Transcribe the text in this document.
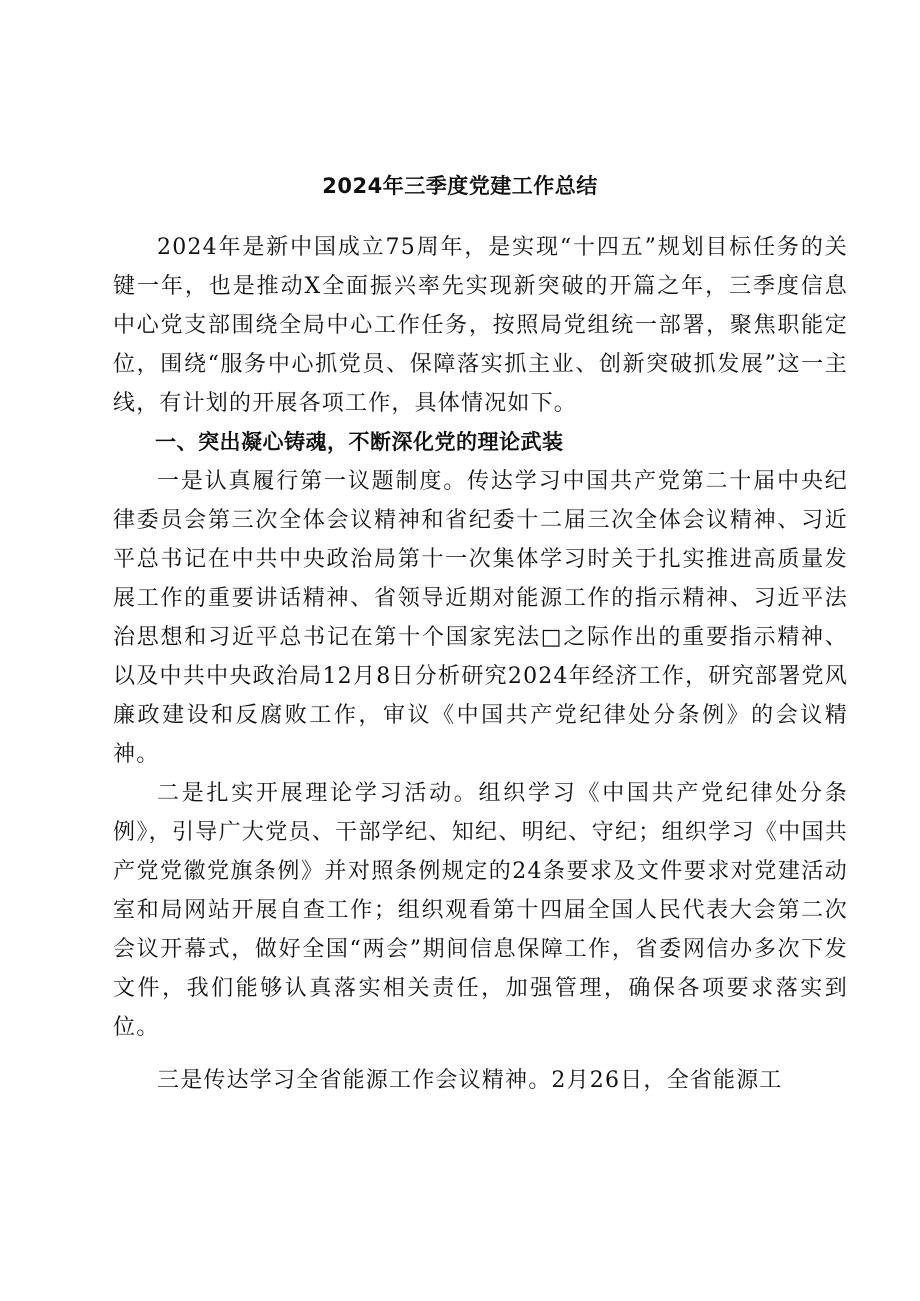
2024年三季度党建工作总结

2024年是新中国成立75周年，是实现“十四五”规划目标任务的关键一年，也是推动X全面振兴率先实现新突破的开篇之年，三季度信息中心党支部围绕全局中心工作任务，按照局党组统一部署，聚焦职能定位，围绕“服务中心抓党员、保障落实抓主业、创新突破抓发展”这一主线，有计划的开展各项工作，具体情况如下。

一、突出凝心铸魂，不断深化党的理论武装

一是认真履行第一议题制度。传达学习中国共产党第二十届中央纪律委员会第三次全体会议精神和省纪委十二届三次全体会议精神、习近平总书记在中共中央政治局第十一次集体学习时关于扎实推进高质量发展工作的重要讲话精神、省领导近期对能源工作的指示精神、习近平法治思想和习近平总书记在第十个国家宪法□之际作出的重要指示精神、以及中共中央政治局12月8日分析研究2024年经济工作，研究部署党风廉政建设和反腐败工作，审议《中国共产党纪律处分条例》的会议精神。

二是扎实开展理论学习活动。组织学习《中国共产党纪律处分条例》，引导广大党员、干部学纪、知纪、明纪、守纪；组织学习《中国共产党党徽党旗条例》并对照条例规定的24条要求及文件要求对党建活动室和局网站开展自查工作；组织观看第十四届全国人民代表大会第二次会议开幕式，做好全国“两会”期间信息保障工作，省委网信办多次下发文件，我们能够认真落实相关责任，加强管理，确保各项要求落实到位。

三是传达学习全省能源工作会议精神。2月26日，全省能源工
